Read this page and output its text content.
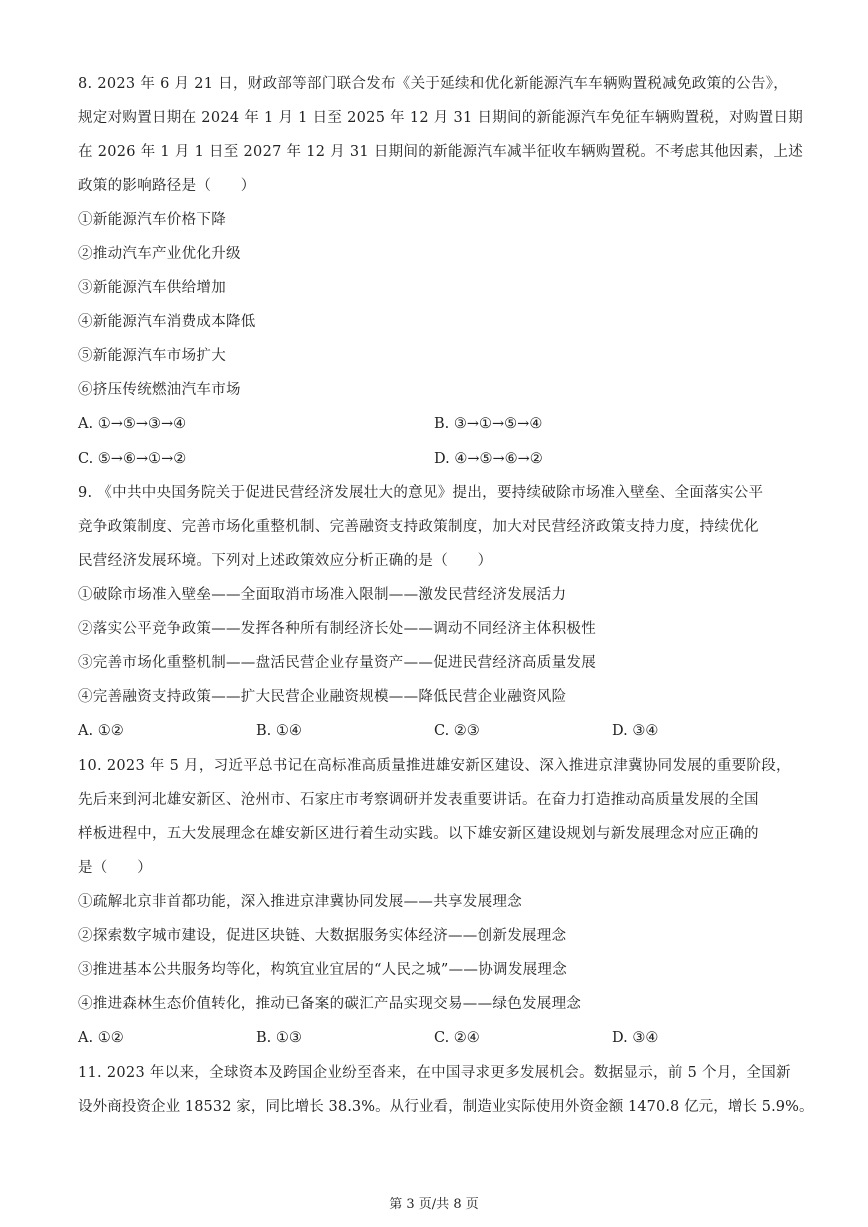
8. 2023 年 6 月 21 日，财政部等部门联合发布《关于延续和优化新能源汽车车辆购置税减免政策的公告》，
规定对购置日期在 2024 年 1 月 1 日至 2025 年 12 月 31 日期间的新能源汽车免征车辆购置税，对购置日期
在 2026 年 1 月 1 日至 2027 年 12 月 31 日期间的新能源汽车减半征收车辆购置税。不考虑其他因素，上述
政策的影响路径是（　　）
①新能源汽车价格下降
②推动汽车产业优化升级
③新能源汽车供给增加
④新能源汽车消费成本降低
⑤新能源汽车市场扩大
⑥挤压传统燃油汽车市场
A. ①→⑤→③→④	B. ③→①→⑤→④
C. ⑤→⑥→①→②	D. ④→⑤→⑥→②
9. 《中共中央国务院关于促进民营经济发展壮大的意见》提出，要持续破除市场准入壁垒、全面落实公平
竞争政策制度、完善市场化重整机制、完善融资支持政策制度，加大对民营经济政策支持力度，持续优化
民营经济发展环境。下列对上述政策效应分析正确的是（　　）
①破除市场准入壁垒——全面取消市场准入限制——激发民营经济发展活力
②落实公平竞争政策——发挥各种所有制经济长处——调动不同经济主体积极性
③完善市场化重整机制——盘活民营企业存量资产——促进民营经济高质量发展
④完善融资支持政策——扩大民营企业融资规模——降低民营企业融资风险
A. ①②	B. ①④	C. ②③	D. ③④
10. 2023 年 5 月，习近平总书记在高标准高质量推进雄安新区建设、深入推进京津冀协同发展的重要阶段，
先后来到河北雄安新区、沧州市、石家庄市考察调研并发表重要讲话。在奋力打造推动高质量发展的全国
样板进程中，五大发展理念在雄安新区进行着生动实践。以下雄安新区建设规划与新发展理念对应正确的
是（　　）
①疏解北京非首都功能，深入推进京津冀协同发展——共享发展理念
②探索数字城市建设，促进区块链、大数据服务实体经济——创新发展理念
③推进基本公共服务均等化，构筑宜业宜居的“人民之城”——协调发展理念
④推进森林生态价值转化，推动已备案的碳汇产品实现交易——绿色发展理念
A. ①②	B. ①③	C. ②④	D. ③④
11. 2023 年以来，全球资本及跨国企业纷至沓来，在中国寻求更多发展机会。数据显示，前 5 个月，全国新
设外商投资企业 18532 家，同比增长 38.3%。从行业看，制造业实际使用外资金额 1470.8 亿元，增长 5.9%。
第 3 页/共 8 页
